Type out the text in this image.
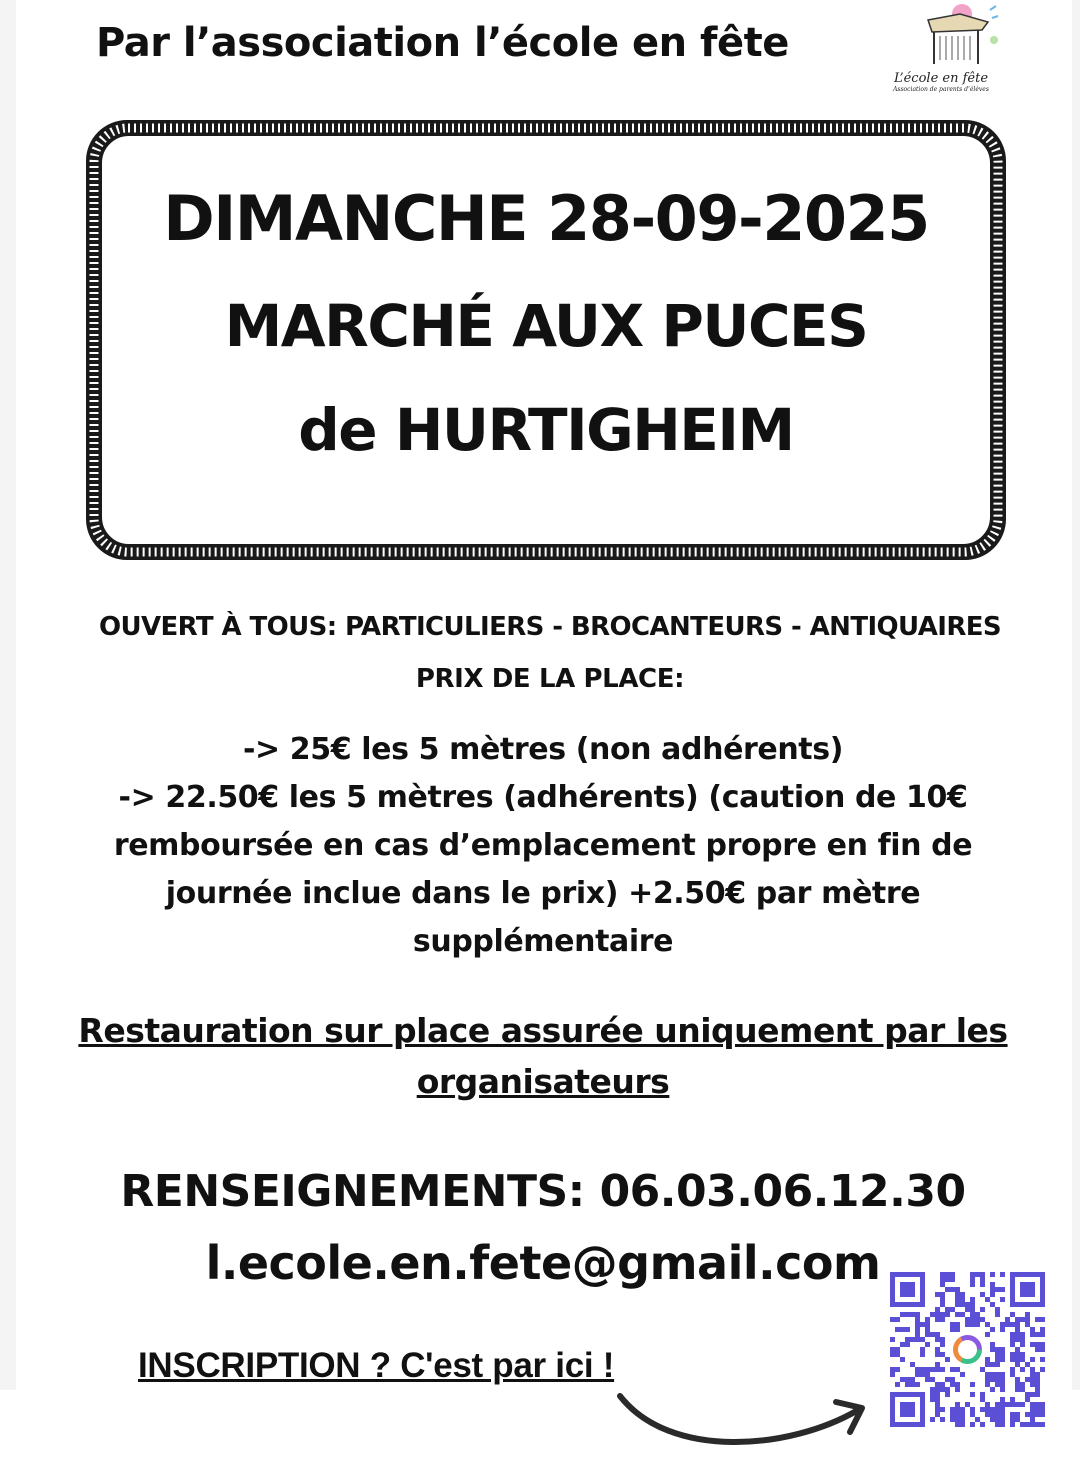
Par l’association l’école en fête
L’école en fête
Association de parents d’élèves
DIMANCHE 28-09-2025
MARCHÉ AUX PUCES
de HURTIGHEIM
OUVERT À TOUS: PARTICULIERS - BROCANTEURS - ANTIQUAIRES
PRIX DE LA PLACE:

-> 25€ les 5 mètres (non adhérents)

-> 22.50€ les 5 mètres (adhérents) (caution de 10€

remboursée en cas d’emplacement propre en fin de

journée inclue dans le prix) +2.50€ par mètre

supplémentaire

Restauration sur place assurée uniquement par les

organisateurs

RENSEIGNEMENTS: 06.03.06.12.30
l.ecole.en.fete@gmail.com
INSCRIPTION ? C'est par ici !
